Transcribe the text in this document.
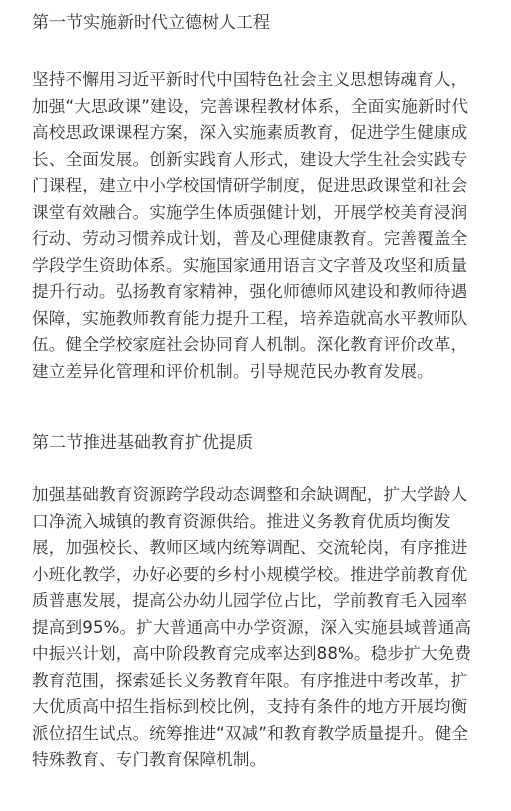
第一节实施新时代立德树人工程
坚持不懈用习近平新时代中国特色社会主义思想铸魂育人，
加强“大思政课”建设，完善课程教材体系，全面实施新时代
高校思政课课程方案，深入实施素质教育，促进学生健康成
长、全面发展。创新实践育人形式，建设大学生社会实践专
门课程，建立中小学校国情研学制度，促进思政课堂和社会
课堂有效融合。实施学生体质强健计划，开展学校美育浸润
行动、劳动习惯养成计划，普及心理健康教育。完善覆盖全
学段学生资助体系。实施国家通用语言文字普及攻坚和质量
提升行动。弘扬教育家精神，强化师德师风建设和教师待遇
保障，实施教师教育能力提升工程，培养造就高水平教师队
伍。健全学校家庭社会协同育人机制。深化教育评价改革，
建立差异化管理和评价机制。引导规范民办教育发展。
第二节推进基础教育扩优提质
加强基础教育资源跨学段动态调整和余缺调配，扩大学龄人
口净流入城镇的教育资源供给。推进义务教育优质均衡发
展，加强校长、教师区域内统筹调配、交流轮岗，有序推进
小班化教学，办好必要的乡村小规模学校。推进学前教育优
质普惠发展，提高公办幼儿园学位占比，学前教育毛入园率
提高到95%。扩大普通高中办学资源，深入实施县域普通高
中振兴计划，高中阶段教育完成率达到88%。稳步扩大免费
教育范围，探索延长义务教育年限。有序推进中考改革，扩
大优质高中招生指标到校比例，支持有条件的地方开展均衡
派位招生试点。统筹推进“双减”和教育教学质量提升。健全
特殊教育、专门教育保障机制。
